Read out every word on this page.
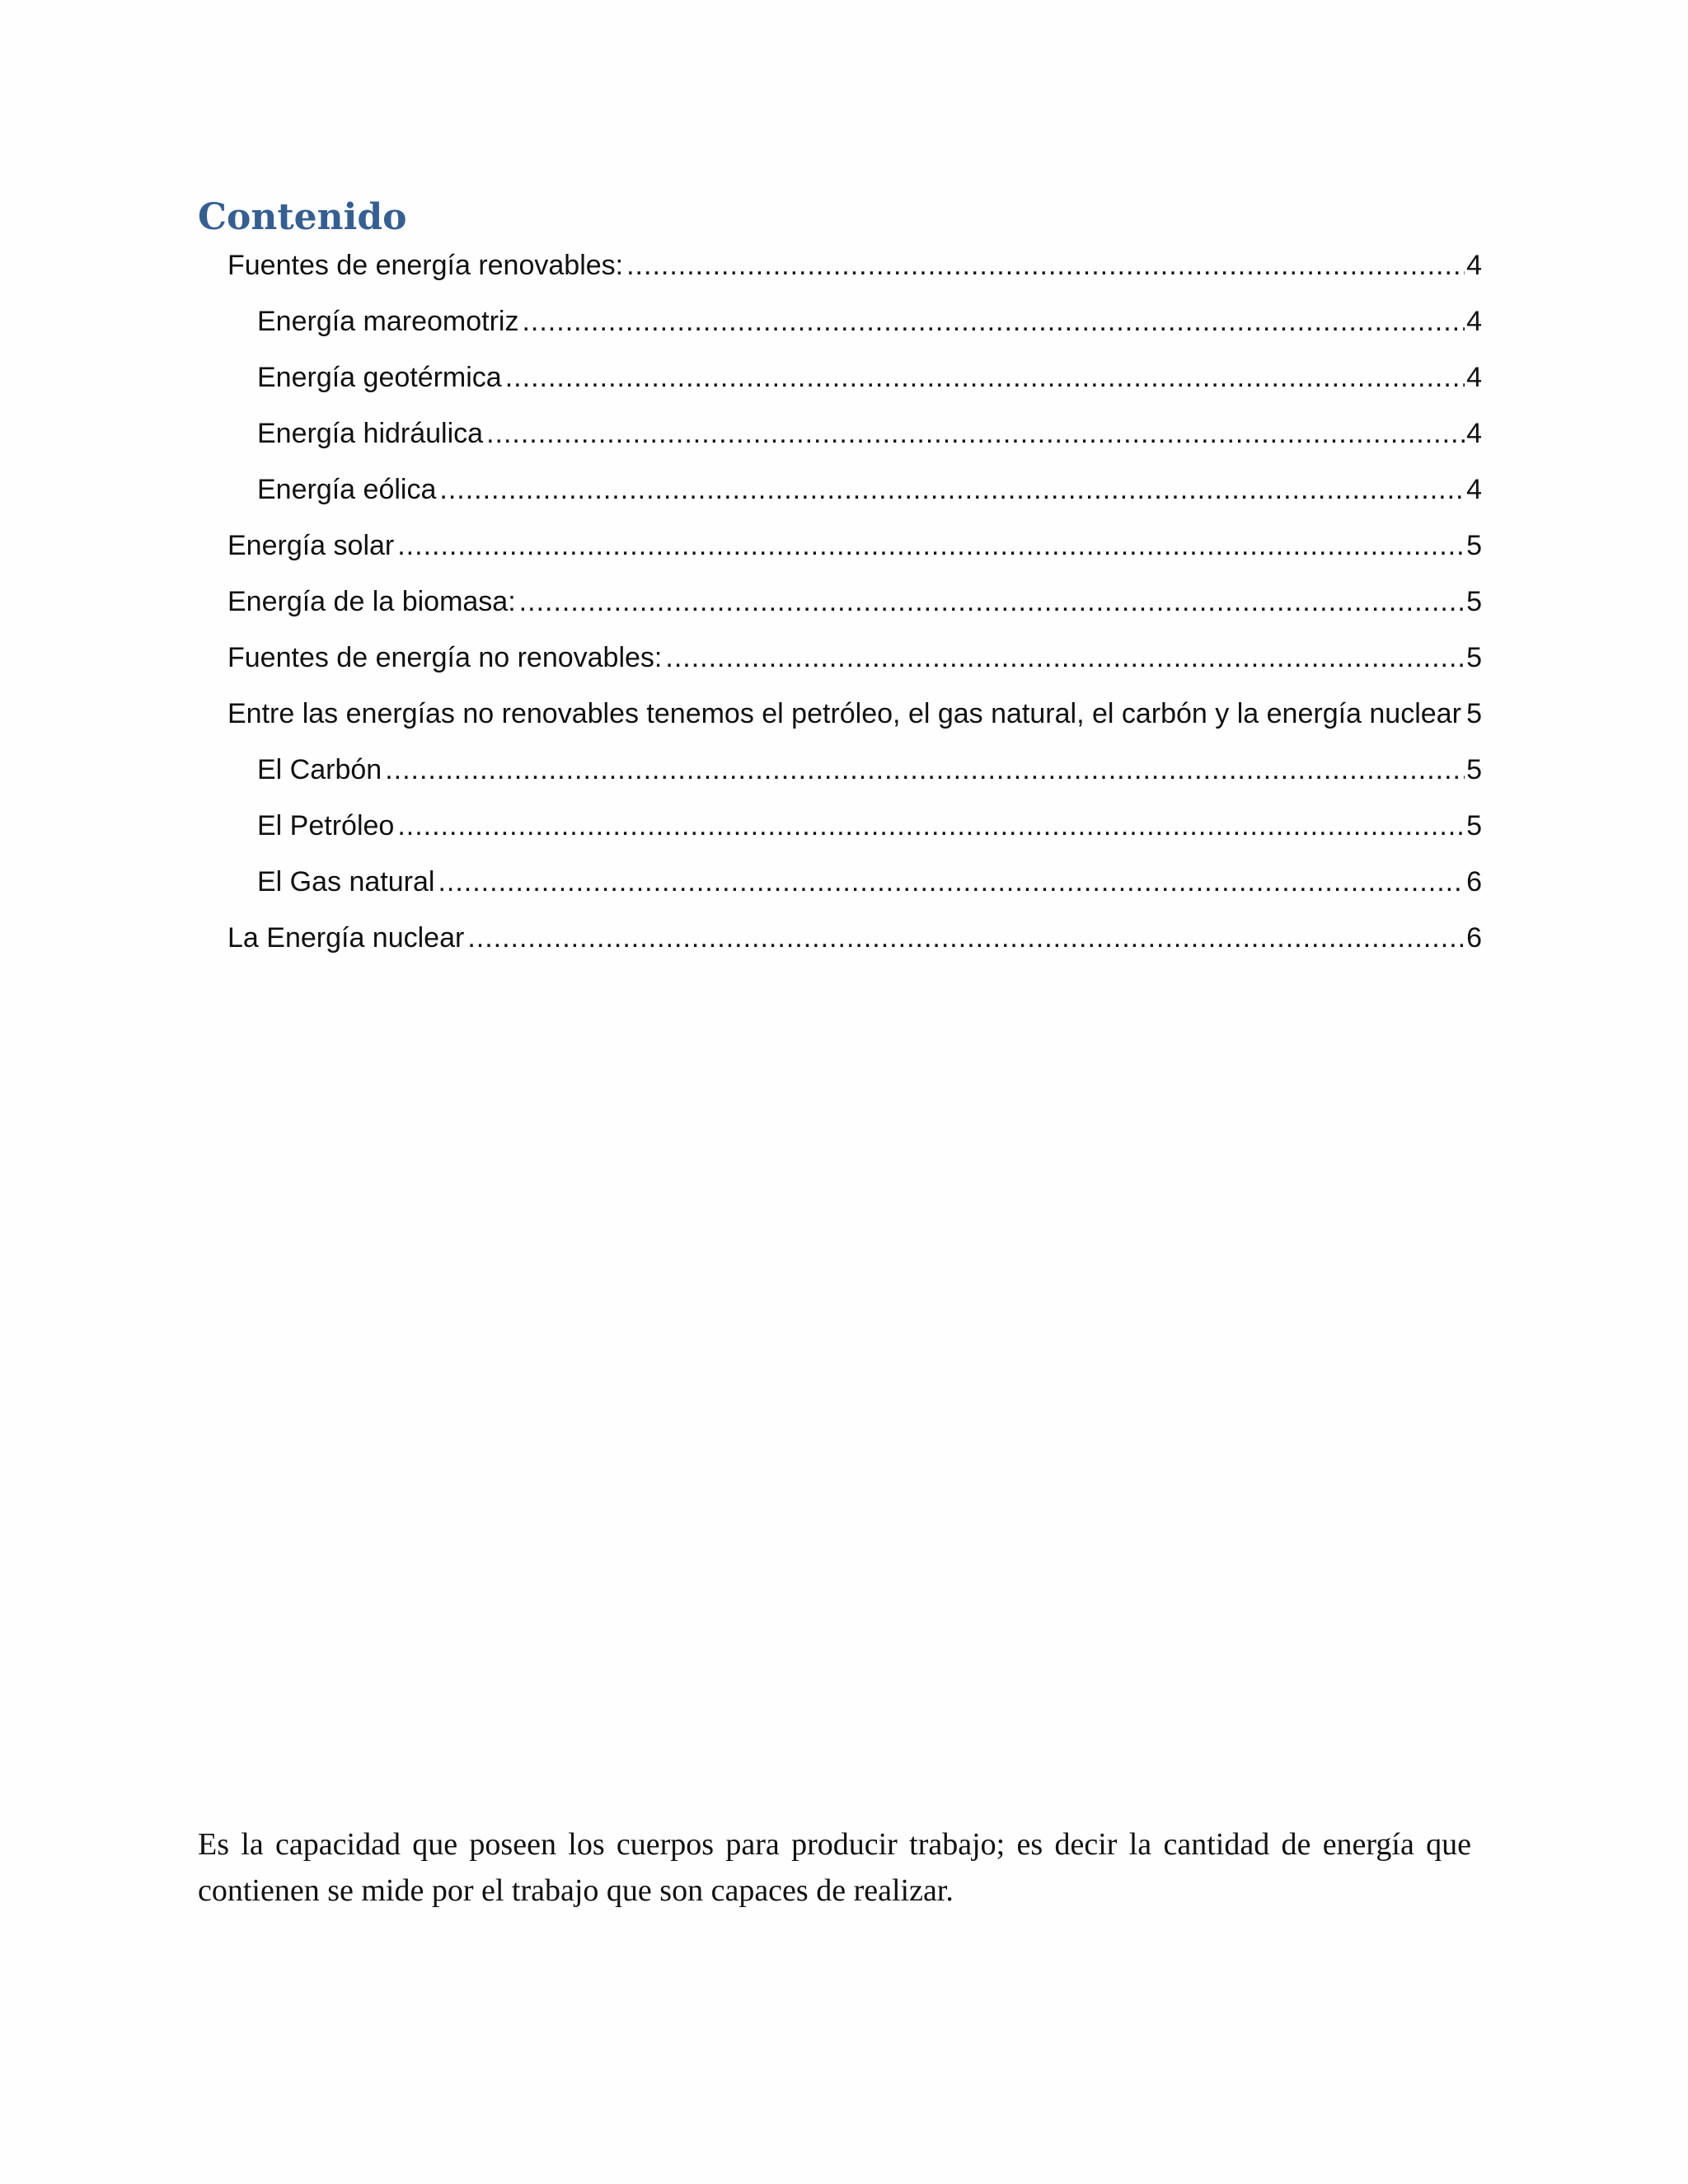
Contenido
Fuentes de energía renovables: .....	4
Energía mareomotriz .....	4
Energía geotérmica .....	4
Energía hidráulica .....	4
Energía eólica .....	4
Energía solar .....	5
Energía de la biomasa: .....	5
Fuentes de energía no renovables: .....	5
Entre las energías no renovables tenemos el petróleo, el gas natural, el carbón y la energía nuclear ..... 5
El Carbón .....	5
El Petróleo .....	5
El Gas natural .....	6
La Energía nuclear .....	6

Es la capacidad que poseen los cuerpos para producir trabajo; es decir la cantidad de energía que contienen se mide por el trabajo que son capaces de realizar.
